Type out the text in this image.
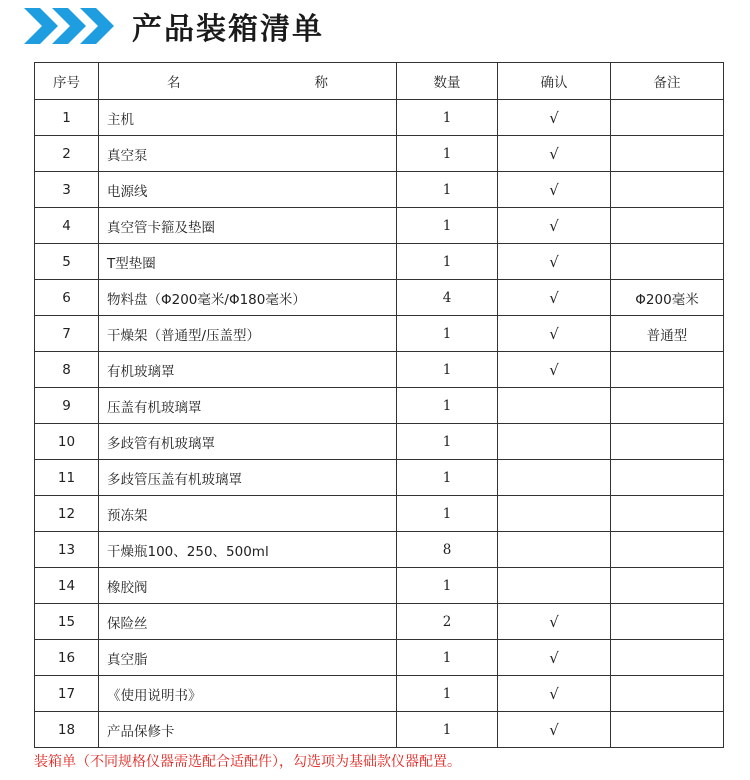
产品装箱清单
序号	名 称	数量	确认	备注
1	主机	1	√	
2	真空泵	1	√	
3	电源线	1	√	
4	真空管卡箍及垫圈	1	√	
5	T型垫圈	1	√	
6	物料盘（Φ200毫米/Φ180毫米）	4	√	Φ200毫米
7	干燥架（普通型/压盖型）	1	√	普通型
8	有机玻璃罩	1	√	
9	压盖有机玻璃罩	1		
10	多歧管有机玻璃罩	1		
11	多歧管压盖有机玻璃罩	1		
12	预冻架	1		
13	干燥瓶100、250、500ml	8		
14	橡胶阀	1		
15	保险丝	2	√	
16	真空脂	1	√	
17	《使用说明书》	1	√	
18	产品保修卡	1	√	
装箱单（不同规格仪器需选配合适配件），勾选项为基础款仪器配置。
